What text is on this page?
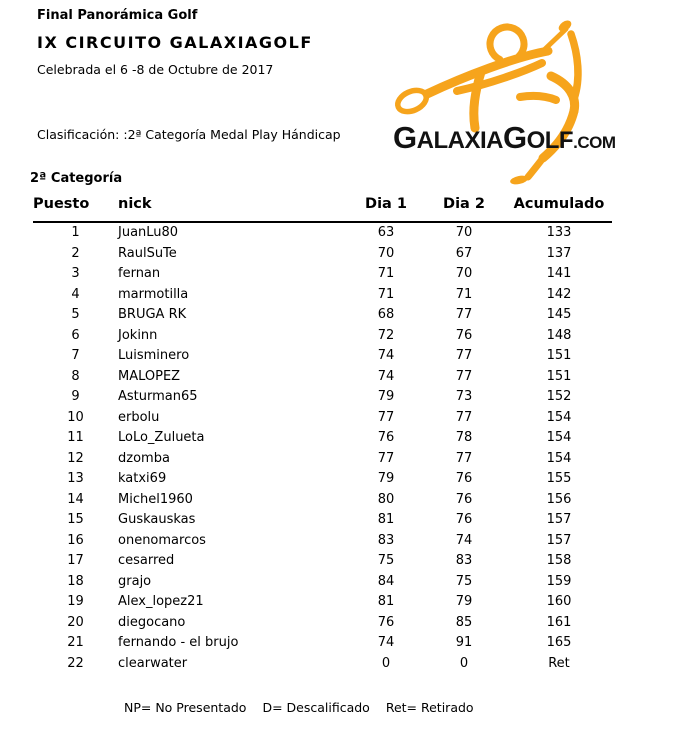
Final Panorámica Golf
IX CIRCUITO GALAXIAGOLF
Celebrada el 6 -8 de Octubre de 2017
Clasificación: :2ª Categoría Medal Play Hándicap G ALAXIA G OLF .COM
2ª Categoría
Puesto	nick	Dia 1	Dia 2	Acumulado
1	JuanLu80	63	70	133
2	RaulSuTe	70	67	137
3	fernan	71	70	141
4	marmotilla	71	71	142
5	BRUGA RK	68	77	145
6	Jokinn	72	76	148
7	Luisminero	74	77	151
8	MALOPEZ	74	77	151
9	Asturman65	79	73	152
10	erbolu	77	77	154
11	LoLo_Zulueta	76	78	154
12	dzomba	77	77	154
13	katxi69	79	76	155
14	Michel1960	80	76	156
15	Guskauskas	81	76	157
16	onenomarcos	83	74	157
17	cesarred	75	83	158
18	grajo	84	75	159
19	Alex_lopez21	81	79	160
20	diegocano	76	85	161
21	fernando - el brujo	74	91	165
22	clearwater	0	0	Ret
NP= No Presentado D= Descalificado Ret= Retirado
